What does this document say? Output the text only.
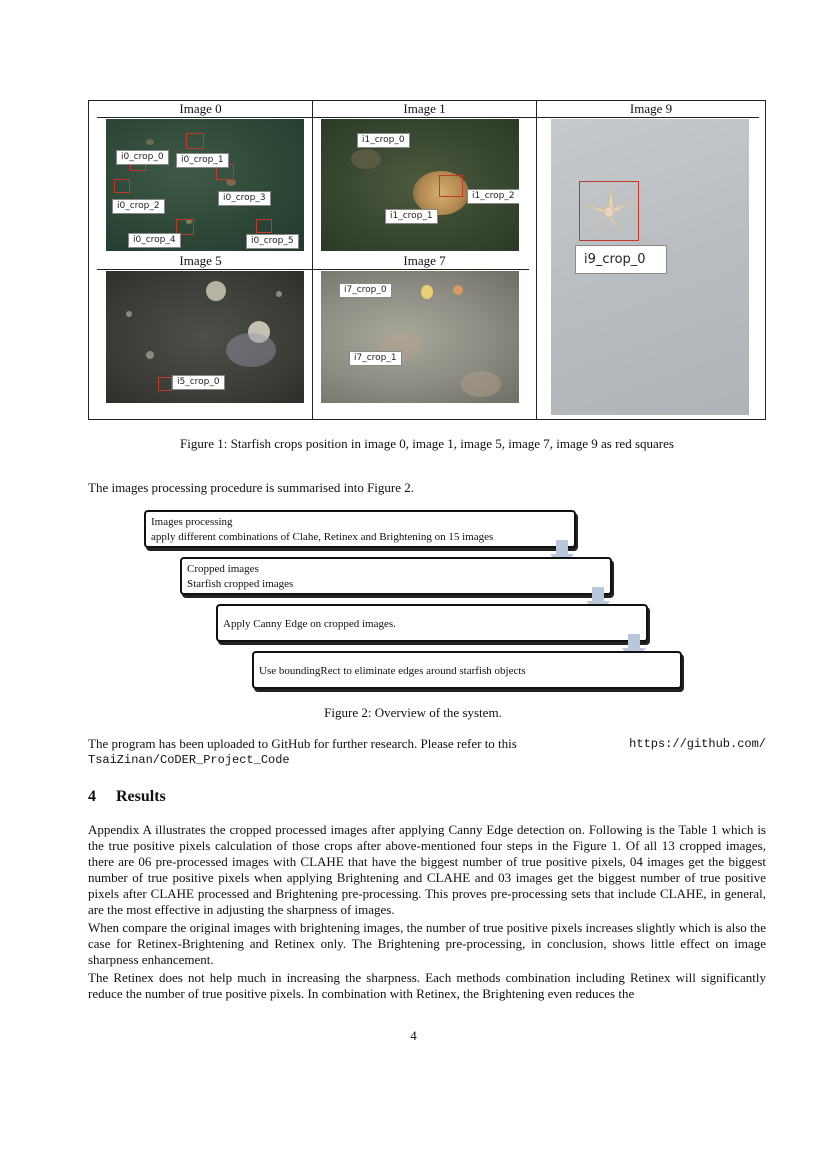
Image 0
i0_crop_0	i0_crop_1
i0_crop_2
i0_crop_3
i0_crop_4	i0_crop_5
Image 1
i1_crop_0
i1_crop_1
i1_crop_2
Image 9
i9_crop_0
Image 5
i5_crop_0
Image 7
i7_crop_0
i7_crop_1
Figure 1: Starfish crops position in image 0, image 1, image 5, image 7, image 9 as red squares
The images processing procedure is summarised into Figure 2.
Images processing
apply different combinations of Clahe, Retinex and Brightening on 15 images
Cropped images
Starfish cropped images
Apply Canny Edge on cropped images.
Use boundingRect to eliminate edges around starfish objects
Figure 2: Overview of the system.
The program has been uploaded to GitHub for further research. Please refer to this	https://github.com/
TsaiZinan/CoDER_Project_Code
4 Results
Appendix A illustrates the cropped processed images after applying Canny Edge detection on. Following is the Table 1 which is the true positive pixels calculation of those crops after above-mentioned four steps in the Figure 1. Of all 13 cropped images, there are 06 pre-processed images with CLAHE that have the biggest number of true positive pixels, 04 images get the biggest number of true positive pixels when applying Brightening and CLAHE and 03 images get the biggest number of true positive pixels after CLAHE processed and Brightening pre-processing. This proves pre-processing sets that include CLAHE, in general, are the most effective in adjusting the sharpness of images.
When compare the original images with brightening images, the number of true positive pixels increases slightly which is also the case for Retinex-Brightening and Retinex only. The Brightening pre-processing, in conclusion, shows little effect on image sharpness enhancement.
The Retinex does not help much in increasing the sharpness. Each methods combination including Retinex will significantly reduce the number of true positive pixels. In combination with Retinex, the Brightening even reduces the
4
